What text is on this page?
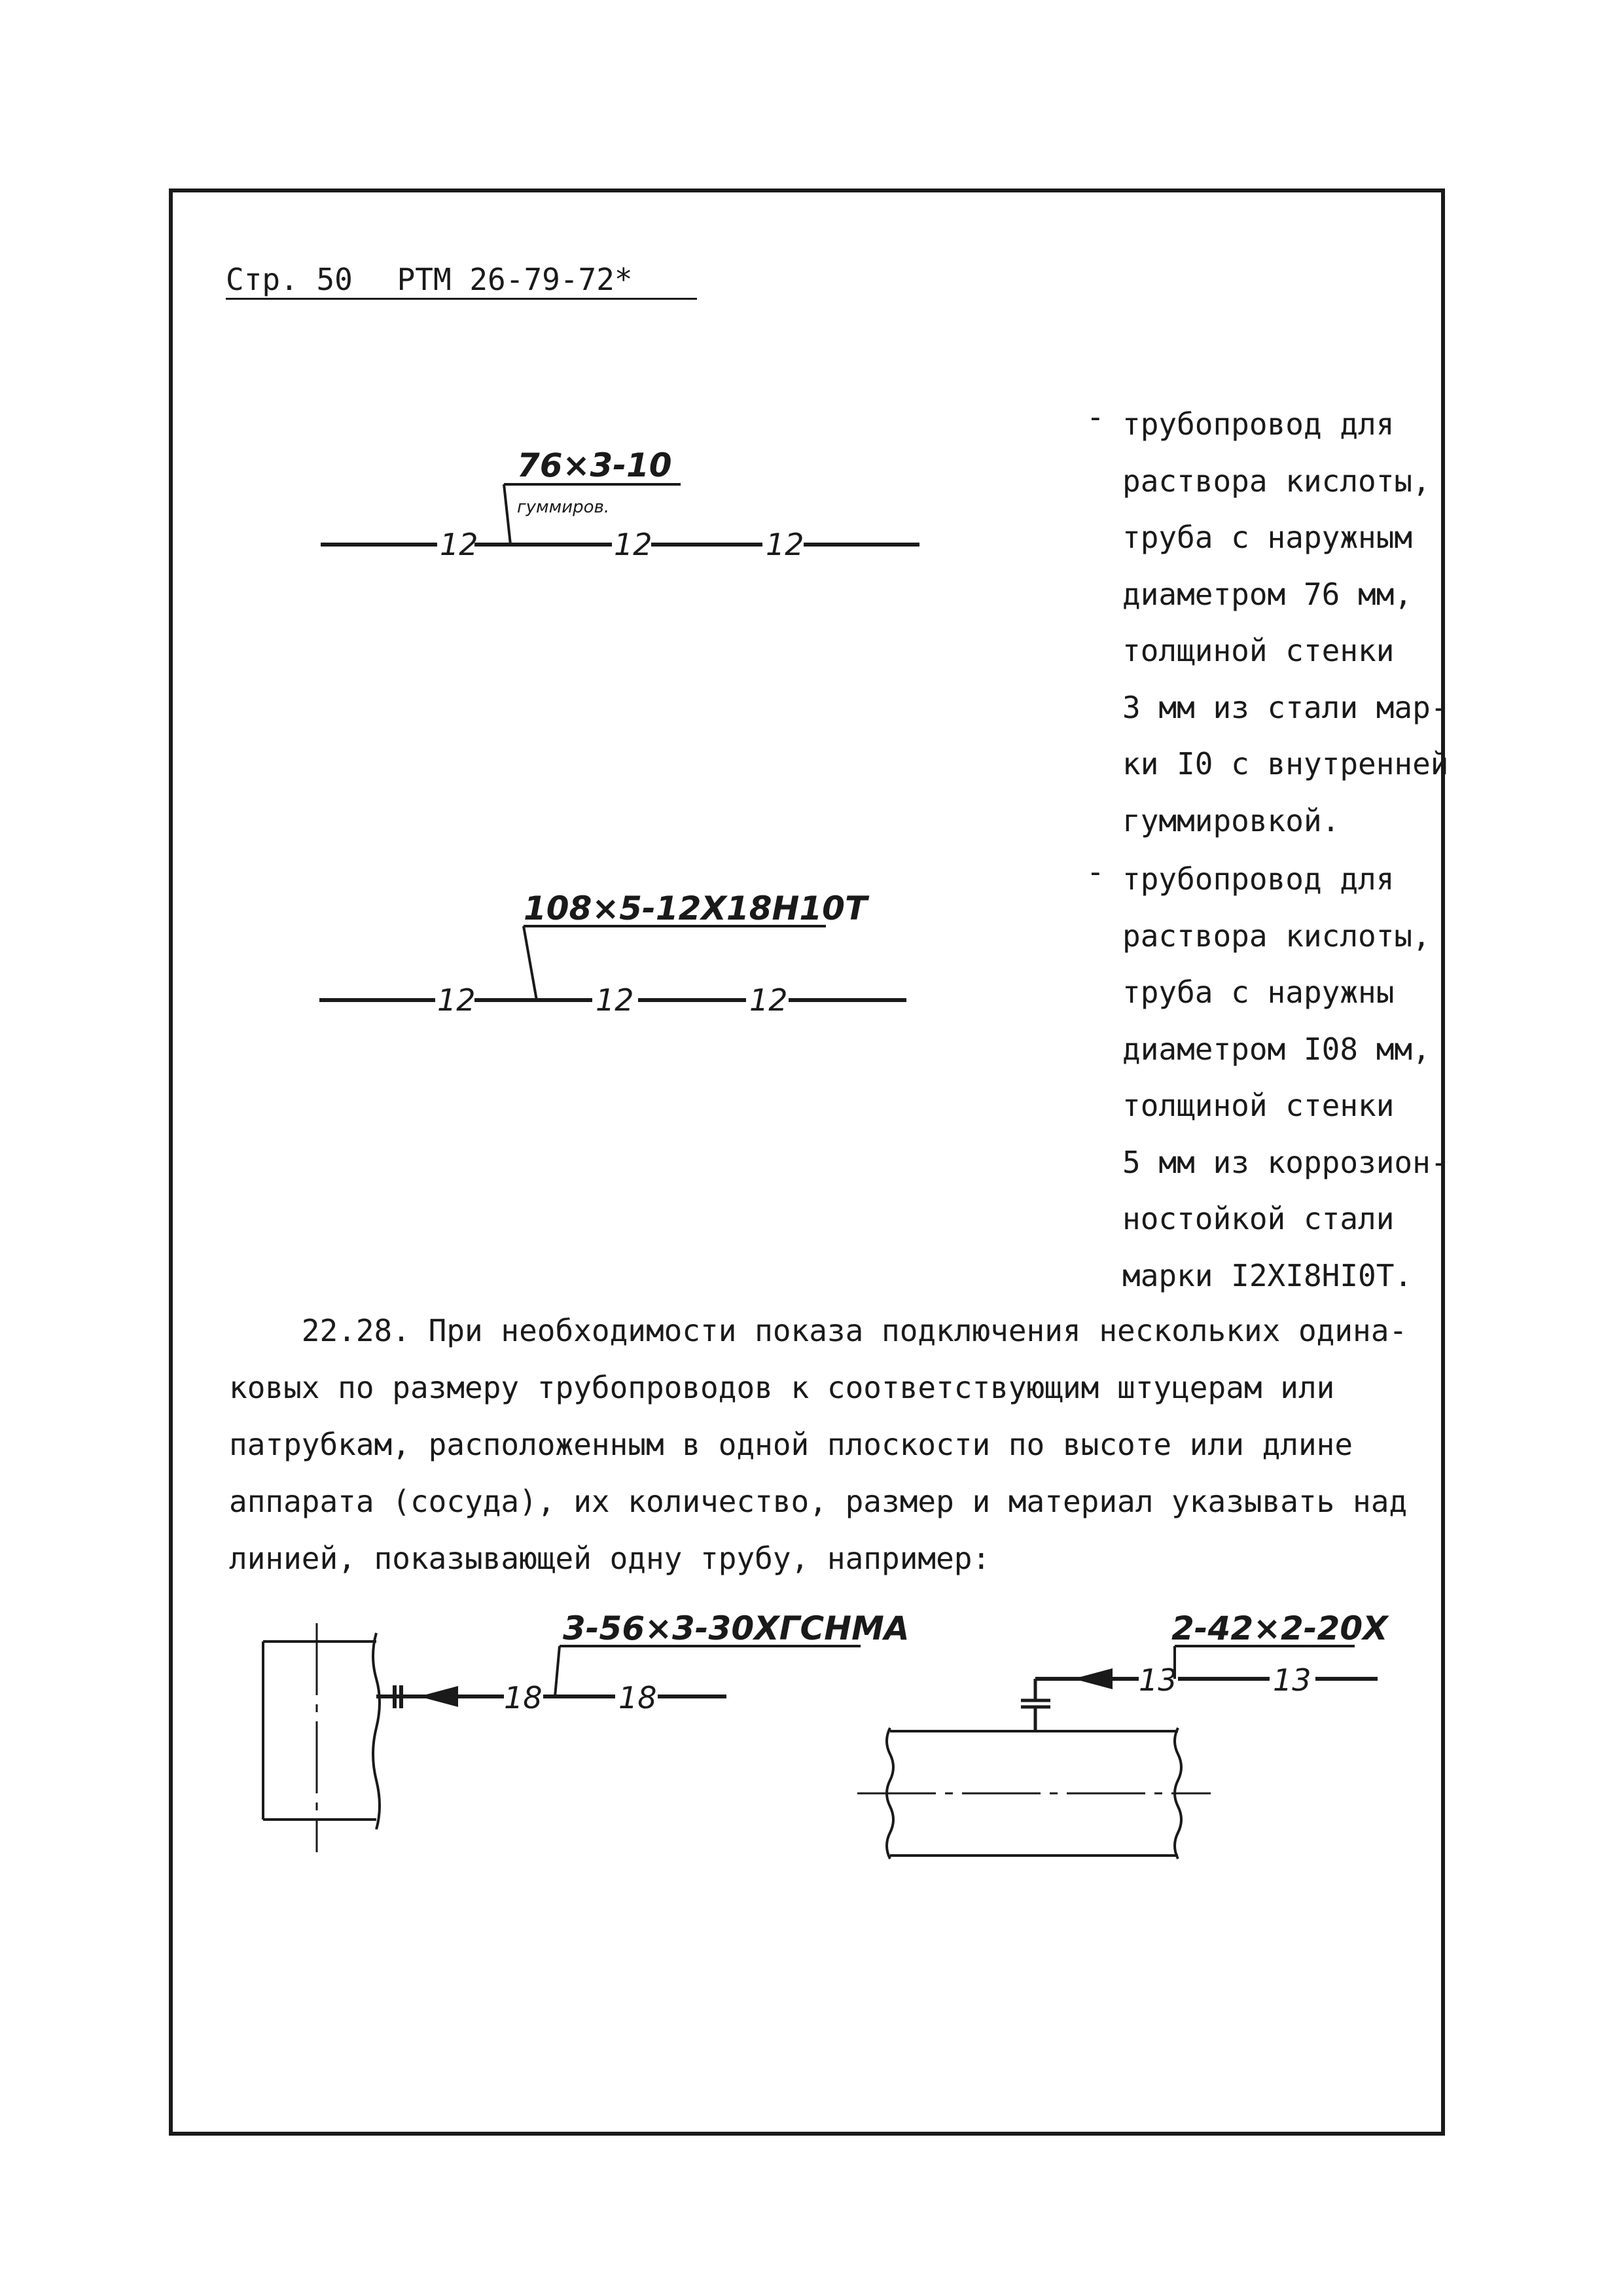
Стр. 50 РТМ 26-79-72*
12	12	12
76×3-10
гуммиров.
12	12	12
108×5-12Х18Н10Т
18	18
3-56×3-30ХГСНМА
13	13
2-42×2-20Х
- трубопровод для
раствора кислоты,
труба с наружным
диаметром 76 мм,
толщиной стенки
3 мм из стали мар-
ки I0 с внутренней
гуммировкой.
- трубопровод для
раствора кислоты,
труба с наружны
диаметром I08 мм,
толщиной стенки
5 мм из коррозион-
ностойкой стали
марки I2ХI8НI0Т.
22.28. При необходимости показа подключения нескольких одина-
ковых по размеру трубопроводов к соответствующим штуцерам или
патрубкам, расположенным в одной плоскости по высоте или длине
аппарата (сосуда), их количество, размер и материал указывать над
линией, показывающей одну трубу, например:
